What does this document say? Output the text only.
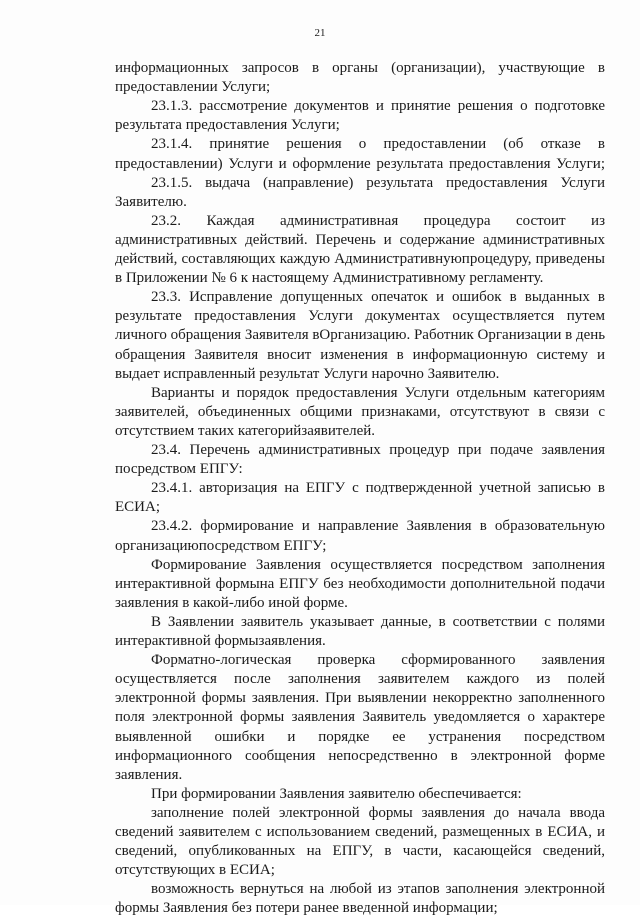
21
информационных запросов в органы (организации), участвующие в
предоставлении Услуги;
23.1.3. рассмотрение документов и принятие решения о подготовке
результата предоставления Услуги;
23.1.4. принятие решения о предоставлении (об отказе в
предоставлении) Услуги и оформление результата предоставления Услуги;
23.1.5. выдача (направление) результата предоставления Услуги
Заявителю.
23.2. Каждая административная процедура состоит из
административных действий. Перечень и содержание административных
действий, составляющих каждую Административнуюпроцедуру, приведены
в Приложении № 6 к настоящему Административному регламенту.
23.3. Исправление допущенных опечаток и ошибок в выданных в
результате предоставления Услуги документах осуществляется путем
личного обращения Заявителя вОрганизацию. Работник Организации в день
обращения Заявителя вносит изменения в информационную систему и
выдает исправленный результат Услуги нарочно Заявителю.
Варианты и порядок предоставления Услуги отдельным категориям
заявителей, объединенных общими признаками, отсутствуют в связи с
отсутствием таких категорийзаявителей.
23.4. Перечень административных процедур при подаче заявления
посредством ЕПГУ:
23.4.1. авторизация на ЕПГУ с подтвержденной учетной записью в
ЕСИА;
23.4.2. формирование и направление Заявления в образовательную
организациюпосредством ЕПГУ;
Формирование Заявления осуществляется посредством заполнения
интерактивной формына ЕПГУ без необходимости дополнительной подачи
заявления в какой-либо иной форме.
В Заявлении заявитель указывает данные, в соответствии с полями
интерактивной формызаявления.
Форматно-логическая проверка сформированного заявления
осуществляется после заполнения заявителем каждого из полей
электронной формы заявления. При выявлении некорректно заполненного
поля электронной формы заявления Заявитель уведомляется о характере
выявленной ошибки и порядке ее устранения посредством
информационного сообщения непосредственно в электронной форме
заявления.
При формировании Заявления заявителю обеспечивается:
заполнение полей электронной формы заявления до начала ввода
сведений заявителем с использованием сведений, размещенных в ЕСИА, и
сведений, опубликованных на ЕПГУ, в части, касающейся сведений,
отсутствующих в ЕСИА;
возможность вернуться на любой из этапов заполнения электронной
формы Заявления без потери ранее введенной информации;
